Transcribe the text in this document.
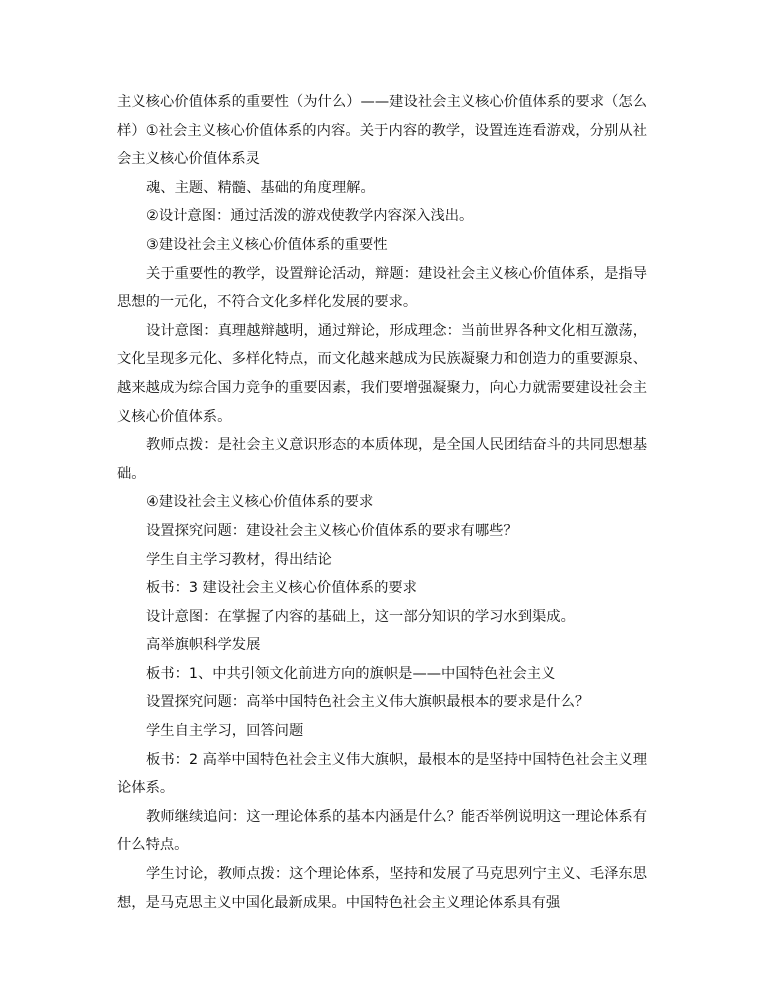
主义核心价值体系的重要性（为什么）——建设社会主义核心价值体系的要求（怎么样）①社会主义核心价值体系的内容。关于内容的教学，设置连连看游戏，分别从社会主义核心价值体系灵

魂、主题、精髓、基础的角度理解。

②设计意图：通过活泼的游戏使教学内容深入浅出。

③建设社会主义核心价值体系的重要性

关于重要性的教学，设置辩论活动，辩题：建设社会主义核心价值体系，是指导思想的一元化，不符合文化多样化发展的要求。

设计意图：真理越辩越明，通过辩论，形成理念：当前世界各种文化相互激荡，文化呈现多元化、多样化特点，而文化越来越成为民族凝聚力和创造力的重要源泉、越来越成为综合国力竞争的重要因素，我们要增强凝聚力，向心力就需要建设社会主义核心价值体系。

教师点拨：是社会主义意识形态的本质体现，是全国人民团结奋斗的共同思想基础。

④建设社会主义核心价值体系的要求

设置探究问题：建设社会主义核心价值体系的要求有哪些？

学生自主学习教材，得出结论

板书：3 建设社会主义核心价值体系的要求

设计意图：在掌握了内容的基础上，这一部分知识的学习水到渠成。

高举旗帜科学发展

板书：1、中共引领文化前进方向的旗帜是——中国特色社会主义

设置探究问题：高举中国特色社会主义伟大旗帜最根本的要求是什么？

学生自主学习，回答问题

板书：2 高举中国特色社会主义伟大旗帜，最根本的是坚持中国特色社会主义理论体系。

教师继续追问：这一理论体系的基本内涵是什么？能否举例说明这一理论体系有什么特点。

学生讨论，教师点拨：这个理论体系，坚持和发展了马克思列宁主义、毛泽东思想，是马克思主义中国化最新成果。中国特色社会主义理论体系具有强
